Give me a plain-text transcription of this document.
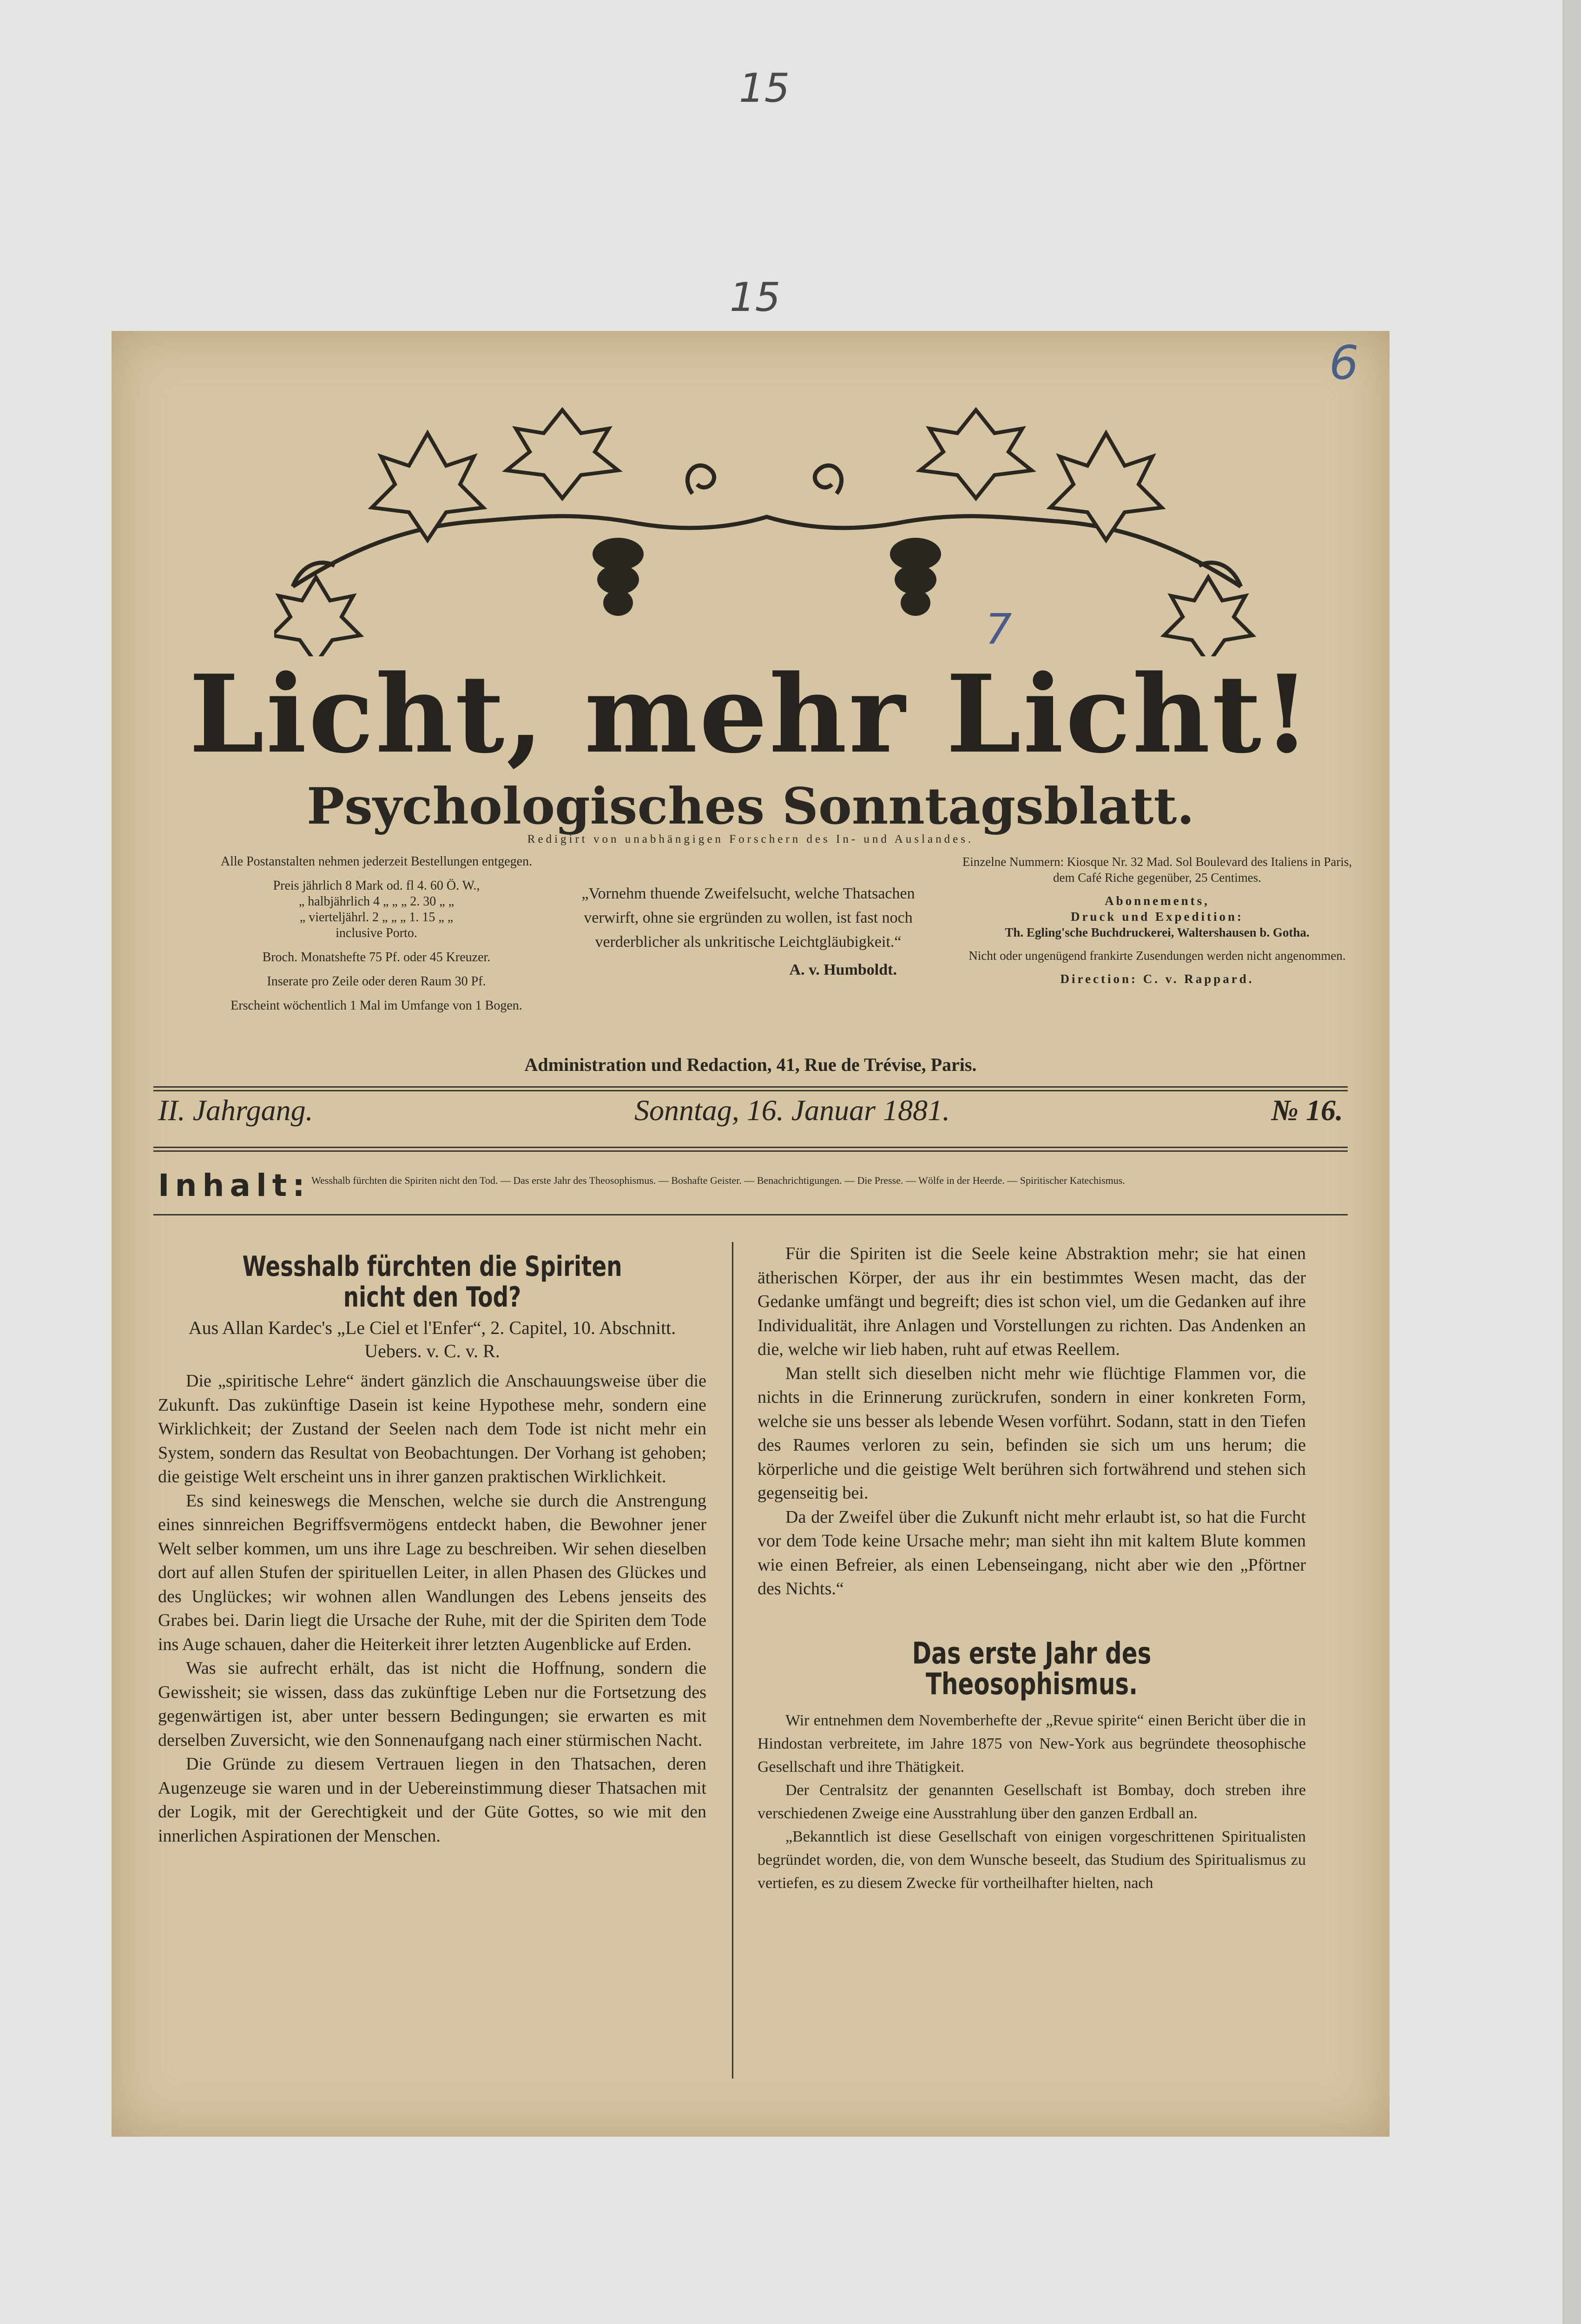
15
15
6
7
Licht, mehr Licht!
Psychologisches Sonntagsblatt.
Redigirt von unabhängigen Forschern des In- und Auslandes.
Alle Postanstalten nehmen jederzeit Bestellungen entgegen.
Preis jährlich 8 Mark od. fl 4. 60 Ö. W.,
„ halbjährlich 4 „ „ „ 2. 30 „ „
„ vierteljährl. 2 „ „ „ 1. 15 „ „
inclusive Porto.
Broch. Monatshefte 75 Pf. oder 45 Kreuzer.
Inserate pro Zeile oder deren Raum 30 Pf.
Erscheint wöchentlich 1 Mal im Umfange von 1 Bogen.
„Vornehm thuende Zweifelsucht, welche Thatsachen verwirft, ohne sie ergründen zu wollen, ist fast noch verderblicher als unkritische Leichtgläubigkeit.“
A. v. Humboldt.
Einzelne Nummern: Kiosque Nr. 32 Mad. Sol Boulevard des Italiens in Paris, dem Café Riche gegenüber, 25 Centimes.
Abonnements,
Druck und Expedition:
Th. Egling'sche Buchdruckerei, Waltershausen b. Gotha.
Nicht oder ungenügend frankirte Zusendungen werden nicht angenommen.
Direction: C. v. Rappard.
Administration und Redaction, 41, Rue de Trévise, Paris.
II. Jahrgang.	Sonntag, 16. Januar 1881.	№ 16.
Inhalt: Wesshalb fürchten die Spiriten nicht den Tod. — Das erste Jahr des Theosophismus. — Boshafte Geister. — Benachrichtigungen. — Die Presse. — Wölfe in der Heerde. — Spiritischer Katechismus.
Wesshalb fürchten die Spiriten nicht den Tod?
Aus Allan Kardec's „Le Ciel et l'Enfer“, 2. Capitel, 10. Abschnitt. Uebers. v. C. v. R.

Die „spiritische Lehre“ ändert gänzlich die Anschauungsweise über die Zukunft. Das zukünftige Dasein ist keine Hypothese mehr, sondern eine Wirklichkeit; der Zustand der Seelen nach dem Tode ist nicht mehr ein System, sondern das Resultat von Beobachtungen. Der Vorhang ist gehoben; die geistige Welt erscheint uns in ihrer ganzen praktischen Wirklichkeit.

Es sind keineswegs die Menschen, welche sie durch die Anstrengung eines sinnreichen Begriffsvermögens entdeckt haben, die Bewohner jener Welt selber kommen, um uns ihre Lage zu beschreiben. Wir sehen dieselben dort auf allen Stufen der spirituellen Leiter, in allen Phasen des Glückes und des Unglückes; wir wohnen allen Wandlungen des Lebens jenseits des Grabes bei. Darin liegt die Ursache der Ruhe, mit der die Spiriten dem Tode ins Auge schauen, daher die Heiterkeit ihrer letzten Augenblicke auf Erden.

Was sie aufrecht erhält, das ist nicht die Hoffnung, sondern die Gewissheit; sie wissen, dass das zukünftige Leben nur die Fortsetzung des gegenwärtigen ist, aber unter bessern Bedingungen; sie erwarten es mit derselben Zuversicht, wie den Sonnenaufgang nach einer stürmischen Nacht.

Die Gründe zu diesem Vertrauen liegen in den Thatsachen, deren Augenzeuge sie waren und in der Uebereinstimmung dieser Thatsachen mit der Logik, mit der Gerechtigkeit und der Güte Gottes, so wie mit den innerlichen Aspirationen der Menschen.

Für die Spiriten ist die Seele keine Abstraktion mehr; sie hat einen ätherischen Körper, der aus ihr ein bestimmtes Wesen macht, das der Gedanke umfängt und begreift; dies ist schon viel, um die Gedanken auf ihre Individualität, ihre Anlagen und Vorstellungen zu richten. Das Andenken an die, welche wir lieb haben, ruht auf etwas Reellem.

Man stellt sich dieselben nicht mehr wie flüchtige Flammen vor, die nichts in die Erinnerung zurückrufen, sondern in einer konkreten Form, welche sie uns besser als lebende Wesen vorführt. Sodann, statt in den Tiefen des Raumes verloren zu sein, befinden sie sich um uns herum; die körperliche und die geistige Welt berühren sich fortwährend und stehen sich gegenseitig bei.

Da der Zweifel über die Zukunft nicht mehr erlaubt ist, so hat die Furcht vor dem Tode keine Ursache mehr; man sieht ihn mit kaltem Blute kommen wie einen Befreier, als einen Lebenseingang, nicht aber wie den „Pförtner des Nichts.“

Das erste Jahr des Theosophismus.

Wir entnehmen dem Novemberhefte der „Revue spirite“ einen Bericht über die in Hindostan verbreitete, im Jahre 1875 von New-York aus begründete theosophische Gesellschaft und ihre Thätigkeit.

Der Centralsitz der genannten Gesellschaft ist Bombay, doch streben ihre verschiedenen Zweige eine Ausstrahlung über den ganzen Erdball an.

„Bekanntlich ist diese Gesellschaft von einigen vorgeschrittenen Spiritualisten begründet worden, die, von dem Wunsche beseelt, das Studium des Spiritualismus zu vertiefen, es zu diesem Zwecke für vortheilhafter hielten, nach
